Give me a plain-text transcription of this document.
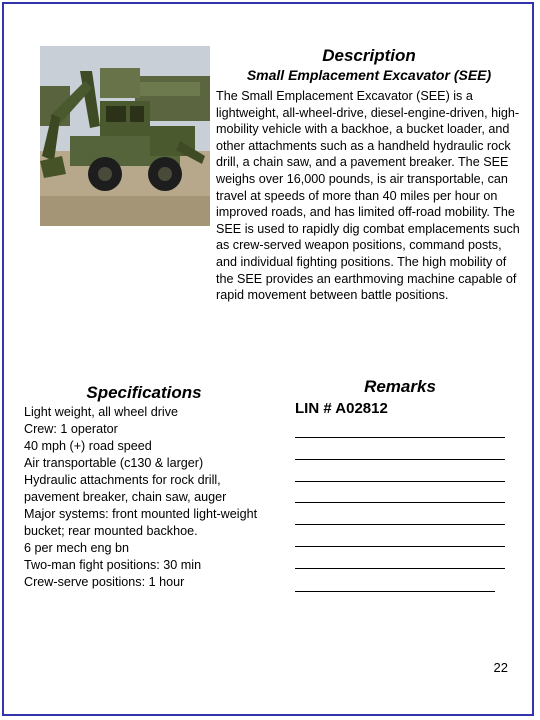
Description
Small Emplacement Excavator (SEE)

The Small Emplacement Excavator (SEE) is a lightweight, all-wheel-drive, diesel-engine-driven, high-mobility vehicle with a backhoe, a bucket loader, and other attachments such as a handheld hydraulic rock drill, a chain saw, and a pavement breaker. The SEE weighs over 16,000 pounds, is air transportable, can travel at speeds of more than 40 miles per hour on improved roads, and has limited off-road mobility. The SEE is used to rapidly dig combat emplacements such as crew-served weapon positions, command posts, and individual fighting positions. The high mobility of the SEE provides an earthmoving machine capable of rapid movement between battle positions.

Specifications
Light weight, all wheel drive
Crew: 1 operator
40 mph (+) road speed
Air transportable (c130 & larger)
Hydraulic attachments for rock drill, pavement breaker, chain saw, auger
Major systems: front mounted light-weight bucket; rear mounted backhoe.
6 per mech eng bn
Two-man fight positions: 30 min
Crew-serve positions: 1 hour
Remarks
LIN # A02812
22
